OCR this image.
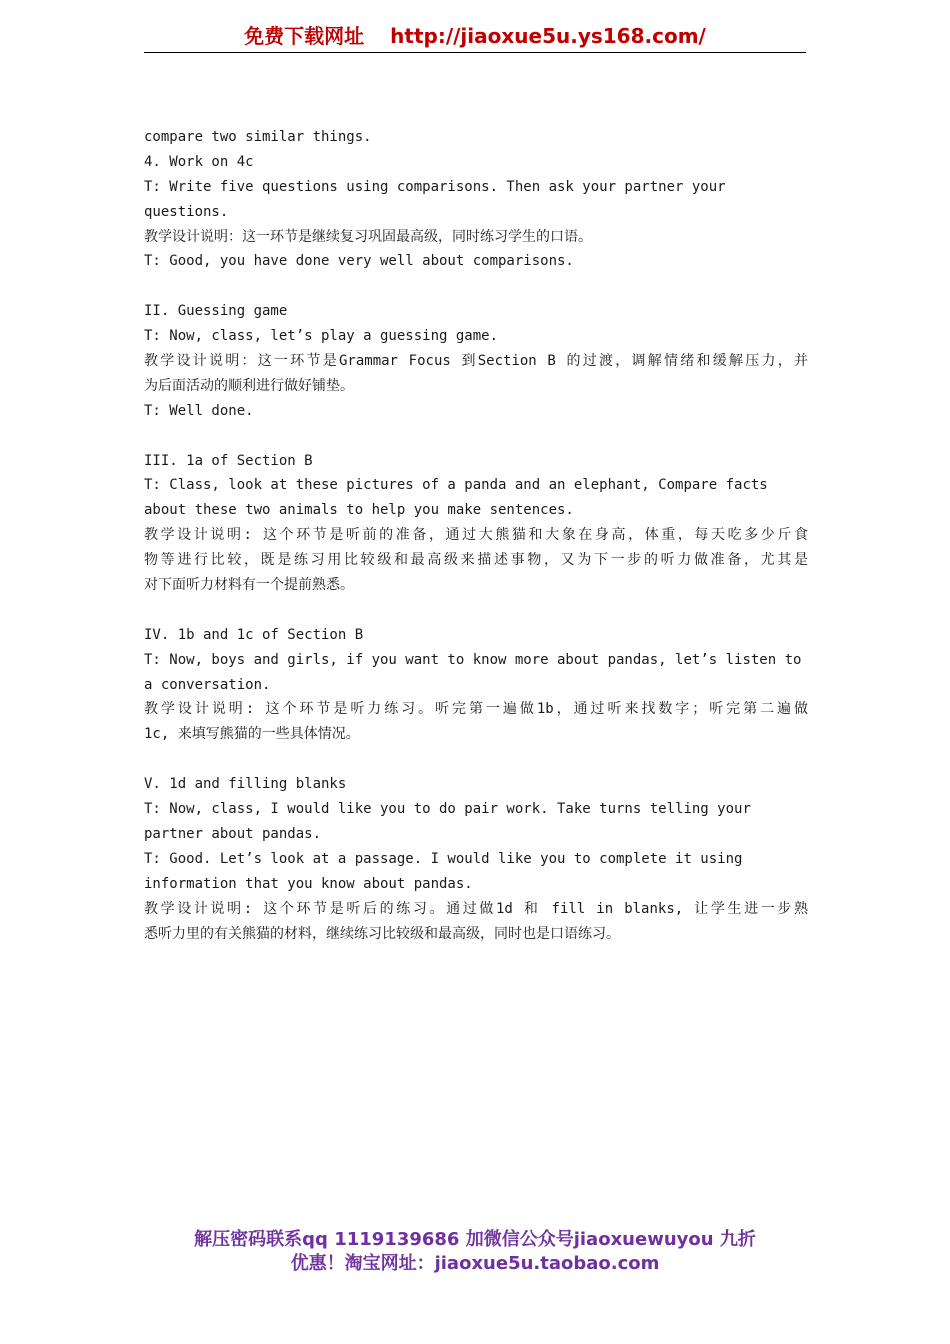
免费下载网址 http://jiaoxue5u.ys168.com/
compare two similar things.
4. Work on 4c
T: Write five questions using comparisons. Then ask your partner your
questions.
教学设计说明：这一环节是继续复习巩固最高级，同时练习学生的口语。
T: Good, you have done very well about comparisons.
II. Guessing game
T: Now, class, let’s play a guessing game.
教学设计说明：这一环节是Grammar Focus 到Section B 的过渡，调解情绪和缓解压力，并
为后面活动的顺利进行做好铺垫。
T: Well done.
III. 1a of Section B
T: Class, look at these pictures of a panda and an elephant, Compare facts
about these two animals to help you make sentences.
教学设计说明: 这个环节是听前的准备，通过大熊猫和大象在身高，体重，每天吃多少斤食
物等进行比较，既是练习用比较级和最高级来描述事物，又为下一步的听力做准备，尤其是
对下面听力材料有一个提前熟悉。
IV. 1b and 1c of Section B
T: Now, boys and girls, if you want to know more about pandas, let’s listen to
a conversation.
教学设计说明: 这个环节是听力练习。听完第一遍做1b，通过听来找数字；听完第二遍做
1c, 来填写熊猫的一些具体情况。
V. 1d and filling blanks
T: Now, class, I would like you to do pair work. Take turns telling your
partner about pandas.
T: Good. Let’s look at a passage. I would like you to complete it using
information that you know about pandas.
教学设计说明: 这个环节是听后的练习。通过做1d 和 fill in blanks, 让学生进一步熟
悉听力里的有关熊猫的材料，继续练习比较级和最高级，同时也是口语练习。
解压密码联系qq 1119139686 加微信公众号jiaoxuewuyou 九折
优惠！淘宝网址：jiaoxue5u.taobao.com
